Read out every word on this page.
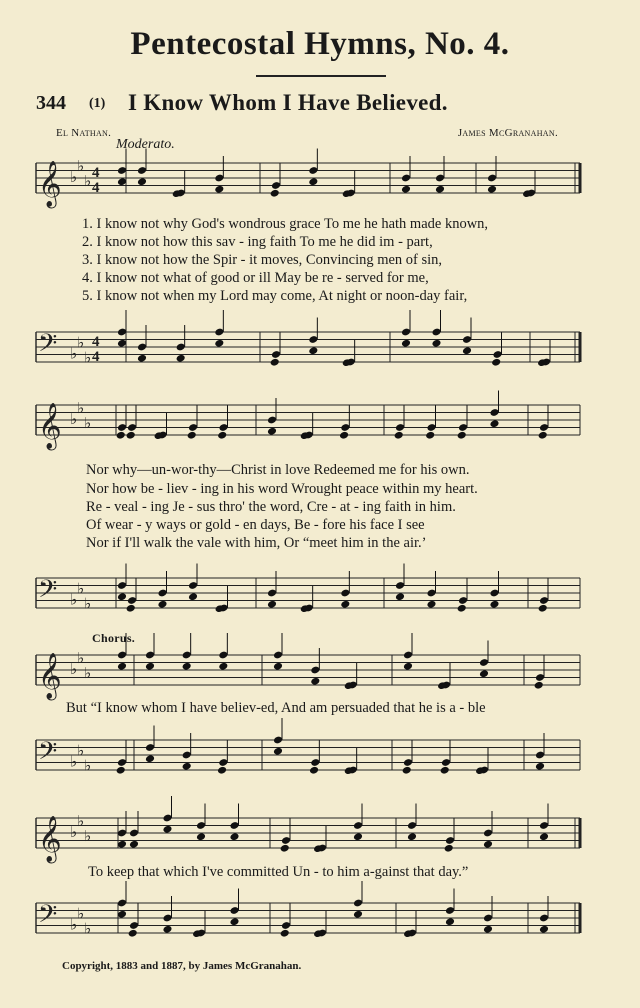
Pentecostal Hymns, No. 4.
344 (1) I Know Whom I Have Believed.
El Nathan.	James McGranahan.
Moderato.
𝄞 ♭
♭
♭ 4
4
𝄢 ♭
♭
♭
4
4
𝄞 ♭
♭
♭
𝄢 ♭
♭
♭
𝄞 ♭
♭
♭
𝄢 ♭
♭
♭
𝄞 ♭
♭
♭
𝄢 ♭
♭
♭
1. I know not why God's wondrous grace To me he hath made known,
2. I know not how this sav - ing faith To me he did im - part,
3. I know not how the Spir - it moves, Convincing men of sin,
4. I know not what of good or ill May be re - served for me,
5. I know not when my Lord may come, At night or noon-day fair,
Nor why—un-wor-thy—Christ in love Redeemed me for his own.
Nor how be - liev - ing in his word Wrought peace within my heart.
Re - veal - ing Je - sus thro' the word, Cre - at - ing faith in him.
Of wear - y ways or gold - en days, Be - fore his face I see
Nor if I'll walk the vale with him, Or “meet him in the air.’
Chorus.
But “I know whom I have believ-ed, And am persuaded that he is a - ble
To keep that which I've committed Un - to him a-gainst that day.”
Copyright, 1883 and 1887, by James McGranahan.
